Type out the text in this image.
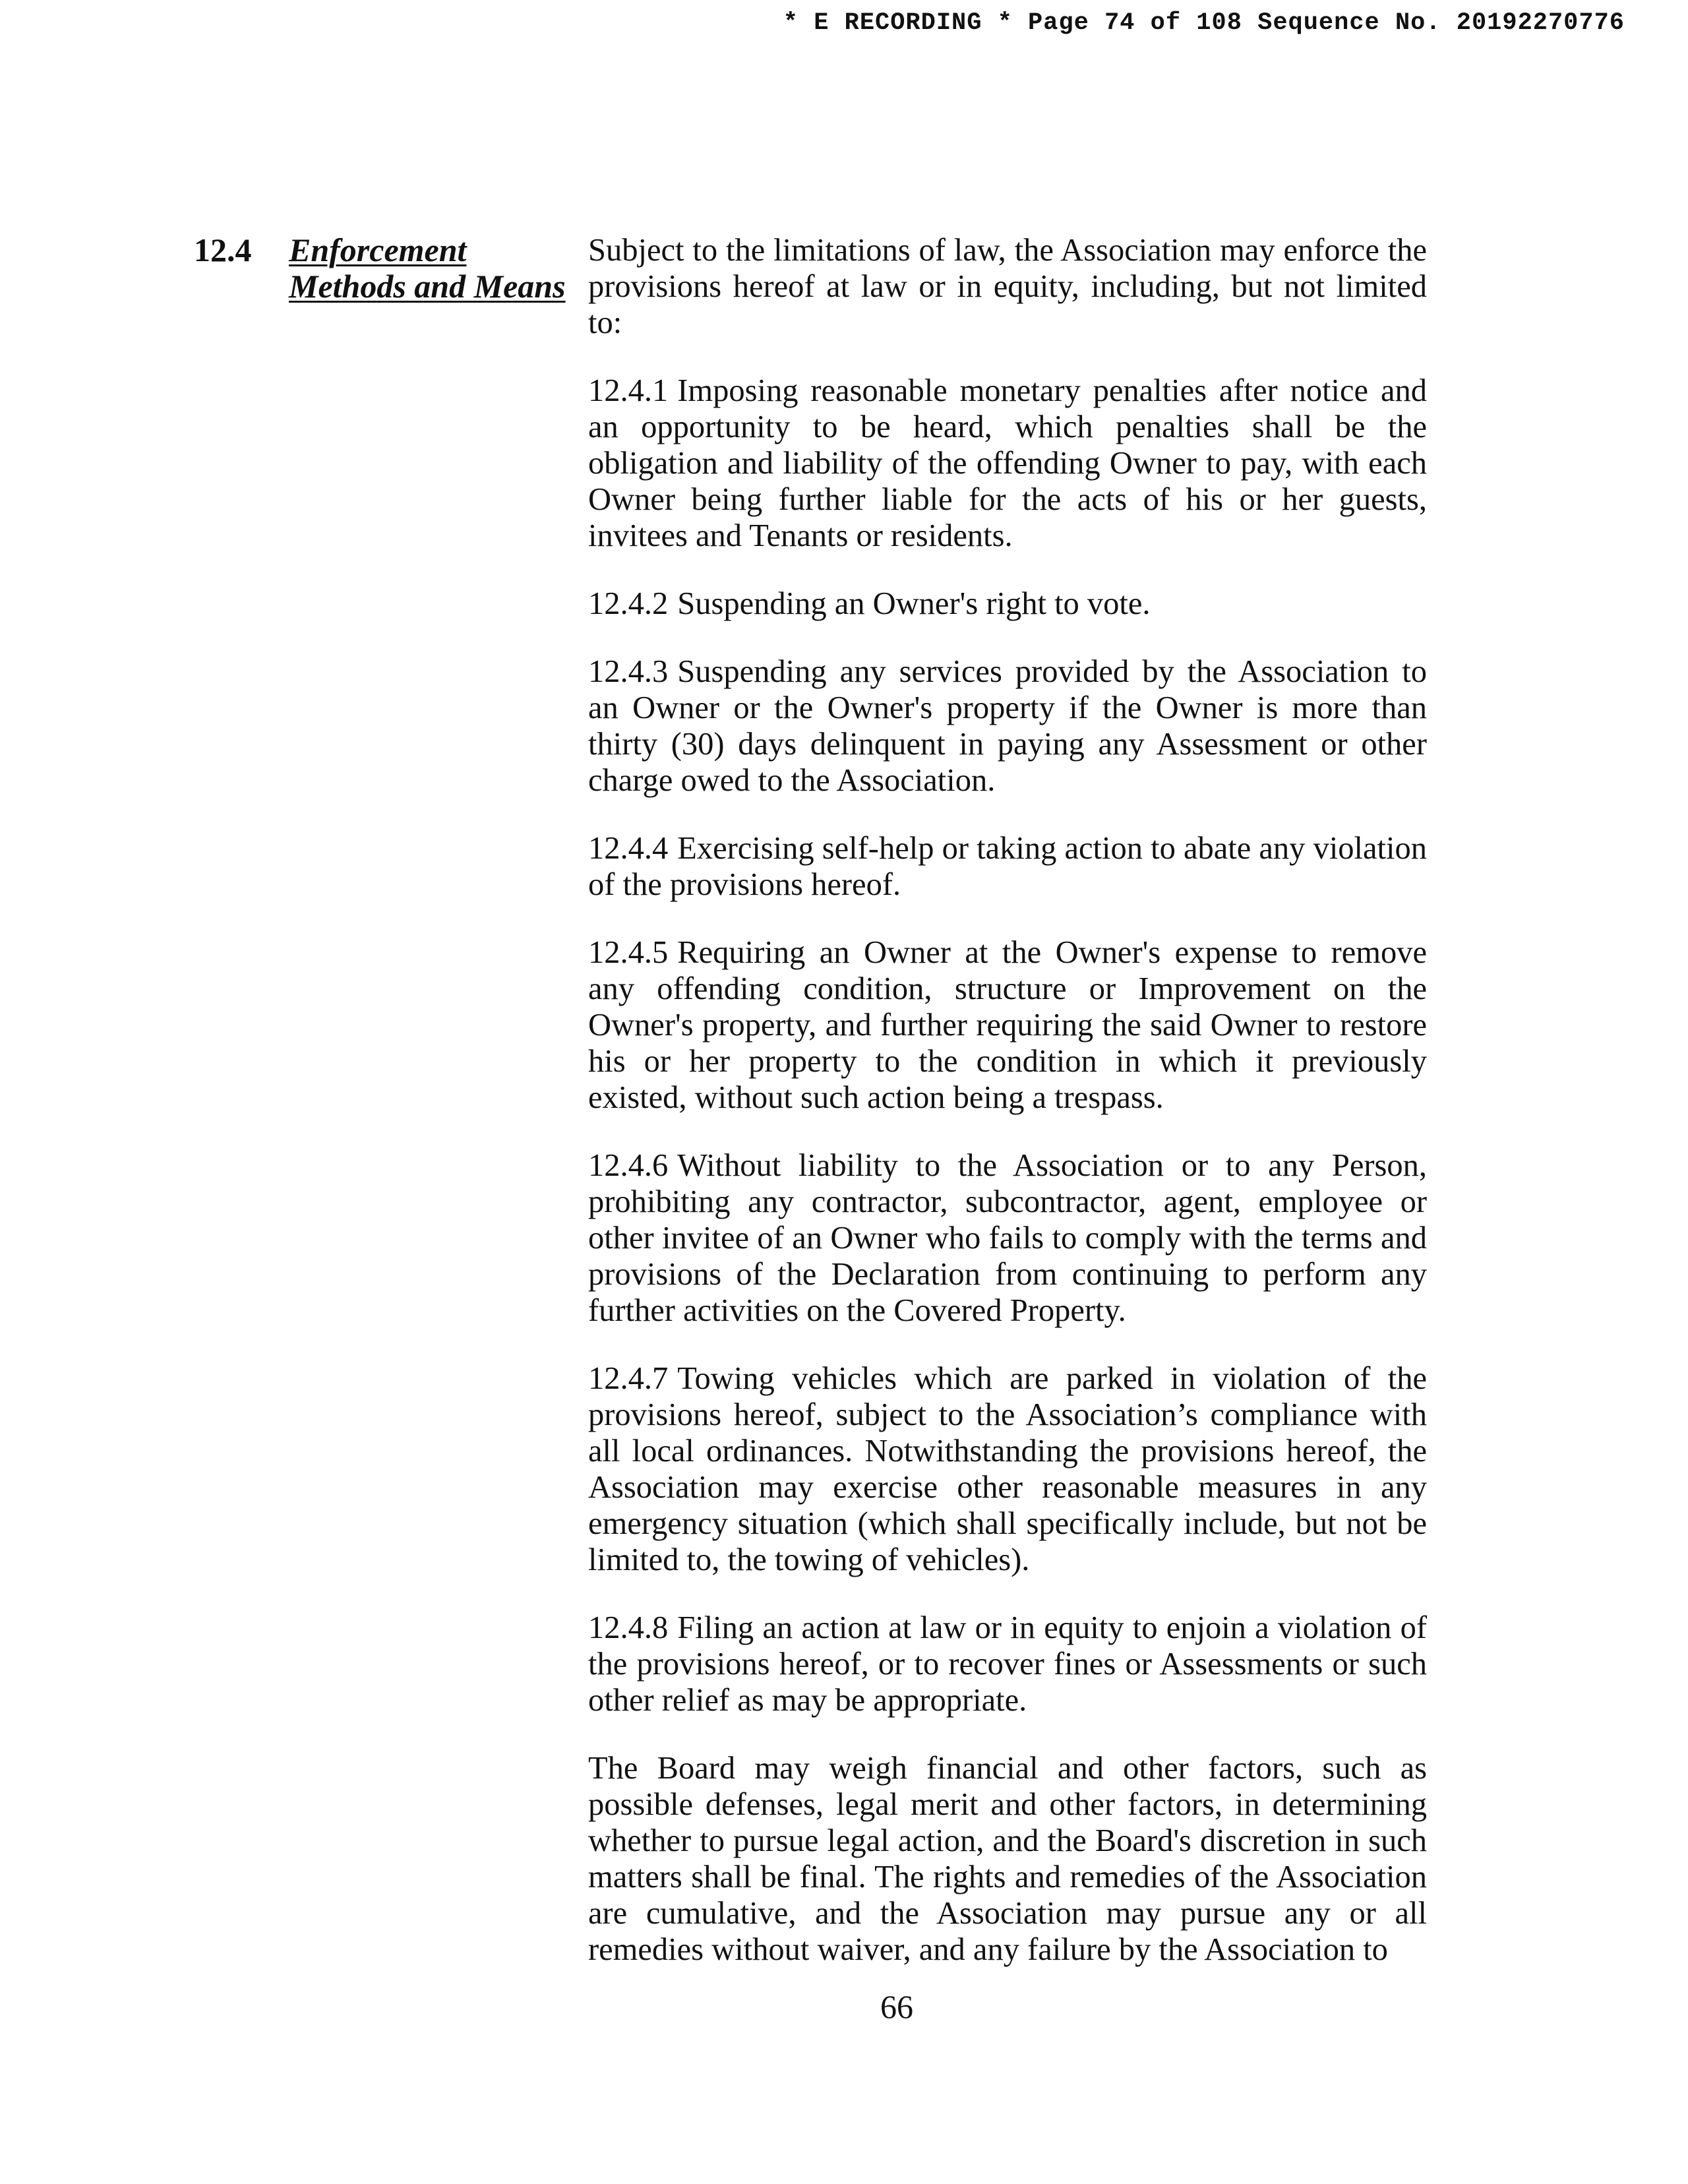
* E RECORDING * Page 74 of 108 Sequence No. 20192270776
12.4 Enforcement
Methods and Means

Subject to the limitations of law, the Association may enforce the provisions hereof at law or in equity, including, but not limited to:

12.4.1 Imposing reasonable monetary penalties after notice and an opportunity to be heard, which penalties shall be the obligation and liability of the offending Owner to pay, with each Owner being further liable for the acts of his or her guests, invitees and Tenants or residents.

12.4.2 Suspending an Owner's right to vote.

12.4.3 Suspending any services provided by the Association to an Owner or the Owner's property if the Owner is more than thirty (30) days delinquent in paying any Assessment or other charge owed to the Association.

12.4.4 Exercising self-help or taking action to abate any violation of the provisions hereof.

12.4.5 Requiring an Owner at the Owner's expense to remove any offending condition, structure or Improvement on the Owner's property, and further requiring the said Owner to restore his or her property to the condition in which it previously existed, without such action being a trespass.

12.4.6 Without liability to the Association or to any Person, prohibiting any contractor, subcontractor, agent, employee or other invitee of an Owner who fails to comply with the terms and provisions of the Declaration from continuing to perform any further activities on the Covered Property.

12.4.7 Towing vehicles which are parked in violation of the provisions hereof, subject to the Association’s compliance with all local ordinances. Notwithstanding the provisions hereof, the Association may exercise other reasonable measures in any emergency situation (which shall specifically include, but not be limited to, the towing of vehicles).

12.4.8 Filing an action at law or in equity to enjoin a violation of the provisions hereof, or to recover fines or Assessments or such other relief as may be appropriate.

The Board may weigh financial and other factors, such as possible defenses, legal merit and other factors, in determining whether to pursue legal action, and the Board's discretion in such matters shall be final. The rights and remedies of the Association are cumulative, and the Association may pursue any or all remedies without waiver, and any failure by the Association to

66
